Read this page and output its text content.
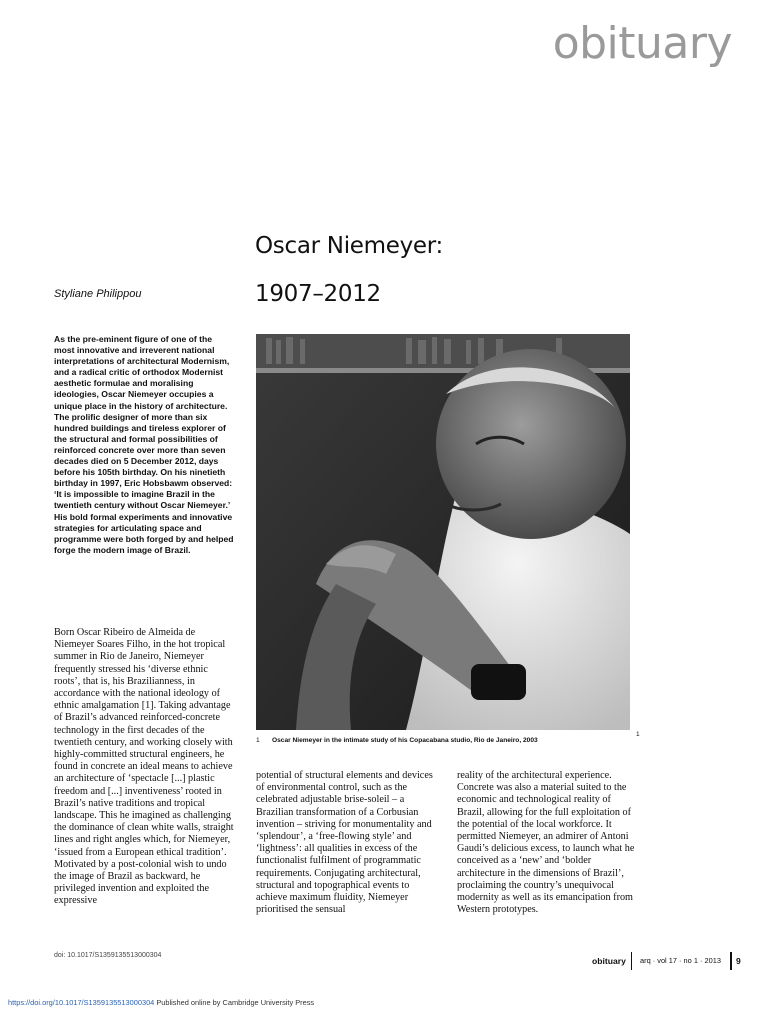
obituary
Oscar Niemeyer:
1907–2012
Styliane Philippou
As the pre-eminent figure of one of the most innovative and irreverent national interpretations of architectural Modernism, and a radical critic of orthodox Modernist aesthetic formulae and moralising ideologies, Oscar Niemeyer occupies a unique place in the history of architecture. The prolific designer of more than six hundred buildings and tireless explorer of the structural and formal possibilities of reinforced concrete over more than seven decades died on 5 December 2012, days before his 105th birthday. On his ninetieth birthday in 1997, Eric Hobsbawm observed: ‘It is impossible to imagine Brazil in the twentieth century without Oscar Niemeyer.’ His bold formal experiments and innovative strategies for articulating space and programme were both forged by and helped forge the modern image of Brazil.
Born Oscar Ribeiro de Almeida de Niemeyer Soares Filho, in the hot tropical summer in Rio de Janeiro, Niemeyer frequently stressed his ‘diverse ethnic roots’, that is, his Brazilianness, in accordance with the national ideology of ethnic amalgamation [1]. Taking advantage of Brazil’s advanced reinforced-concrete technology in the first decades of the twentieth century, and working closely with highly-committed structural engineers, he found in concrete an ideal means to achieve an architecture of ‘spectacle [...] plastic freedom and [...] inventiveness’ rooted in Brazil’s native traditions and tropical landscape. This he imagined as challenging the dominance of clean white walls, straight lines and right angles which, for Niemeyer, ‘issued from a European ethical tradition’. Motivated by a post-colonial wish to undo the image of Brazil as backward, he privileged invention and exploited the expressive
1 Oscar Niemeyer in the intimate study of his Copacabana studio, Rio de Janeiro, 2003
1
potential of structural elements and devices of environmental control, such as the celebrated adjustable brise-soleil – a Brazilian transformation of a Corbusian invention – striving for monumentality and ‘splendour’, a ‘free-flowing style’ and ‘lightness’: all qualities in excess of the functionalist fulfilment of programmatic requirements. Conjugating architectural, structural and topographical events to achieve maximum fluidity, Niemeyer prioritised the sensual
reality of the architectural experience. Concrete was also a material suited to the economic and technological reality of Brazil, allowing for the full exploitation of the potential of the local workforce. It permitted Niemeyer, an admirer of Antoni Gaudi’s delicious excess, to launch what he conceived as a ‘new’ and ‘bolder architecture in the dimensions of Brazil’, proclaiming the country’s unequivocal modernity as well as its emancipation from Western prototypes.
doi: 10.1017/S1359135513000304
obituary arq · vol 17 · no 1 · 2013 9
https://doi.org/10.1017/S1359135513000304 Published online by Cambridge University Press
